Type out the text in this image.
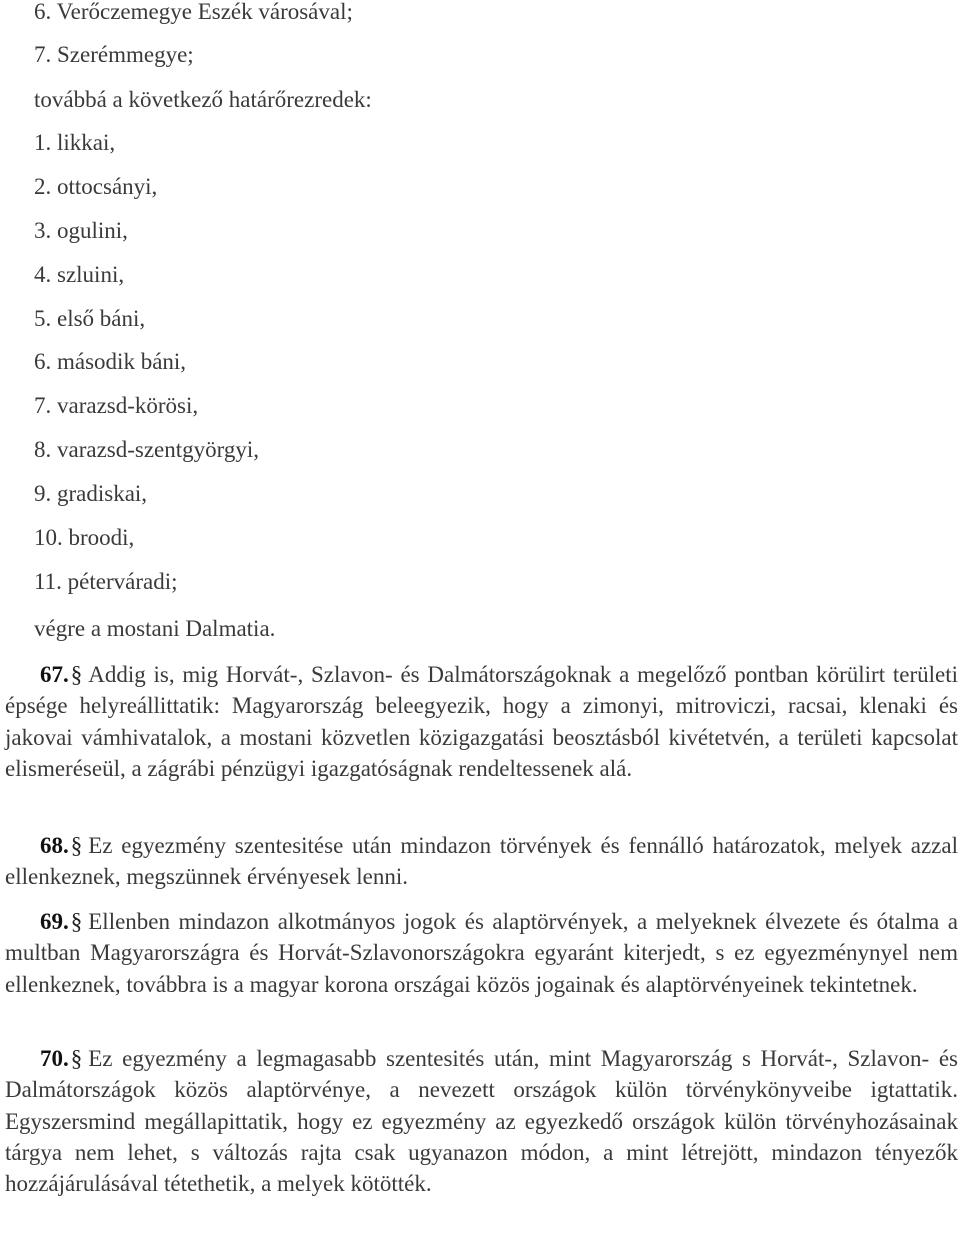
6. Verőczemegye Eszék városával;
7. Szerémmegye;
továbbá a következő határőrezredek:
1. likkai,
2. ottocsányi,
3. ogulini,
4. szluini,
5. első báni,
6. második báni,
7. varazsd-körösi,
8. varazsd-szentgyörgyi,
9. gradiskai,
10. broodi,
11. péterváradi;
végre a mostani Dalmatia.
67.§ Addig is, mig Horvát-, Szlavon- és Dalmátországoknak a megelőző pontban körülirt területi épsége helyreállittatik: Magyarország beleegyezik, hogy a zimonyi, mitroviczi, racsai, klenaki és jakovai vámhivatalok, a mostani közvetlen közigazgatási beosztásból kivétetvén, a területi kapcsolat elismeréseül, a zágrábi pénzügyi igazgatóságnak rendeltessenek alá.
68.§ Ez egyezmény szentesitése után mindazon törvények és fennálló határozatok, melyek azzal ellenkeznek, megszünnek érvényesek lenni.
69.§ Ellenben mindazon alkotmányos jogok és alaptörvények, a melyeknek élvezete és ótalma a multban Magyarországra és Horvát-Szlavonországokra egyaránt kiterjedt, s ez egyezménynyel nem ellenkeznek, továbbra is a magyar korona országai közös jogainak és alaptörvényeinek tekintetnek.
70.§ Ez egyezmény a legmagasabb szentesités után, mint Magyarország s Horvát-, Szlavon- és Dalmátországok közös alaptörvénye, a nevezett országok külön törvénykönyveibe igtattatik. Egyszersmind megállapittatik, hogy ez egyezmény az egyezkedő országok külön törvényhozásainak tárgya nem lehet, s változás rajta csak ugyanazon módon, a mint létrejött, mindazon tényezők hozzájárulásával tétethetik, a melyek kötötték.
